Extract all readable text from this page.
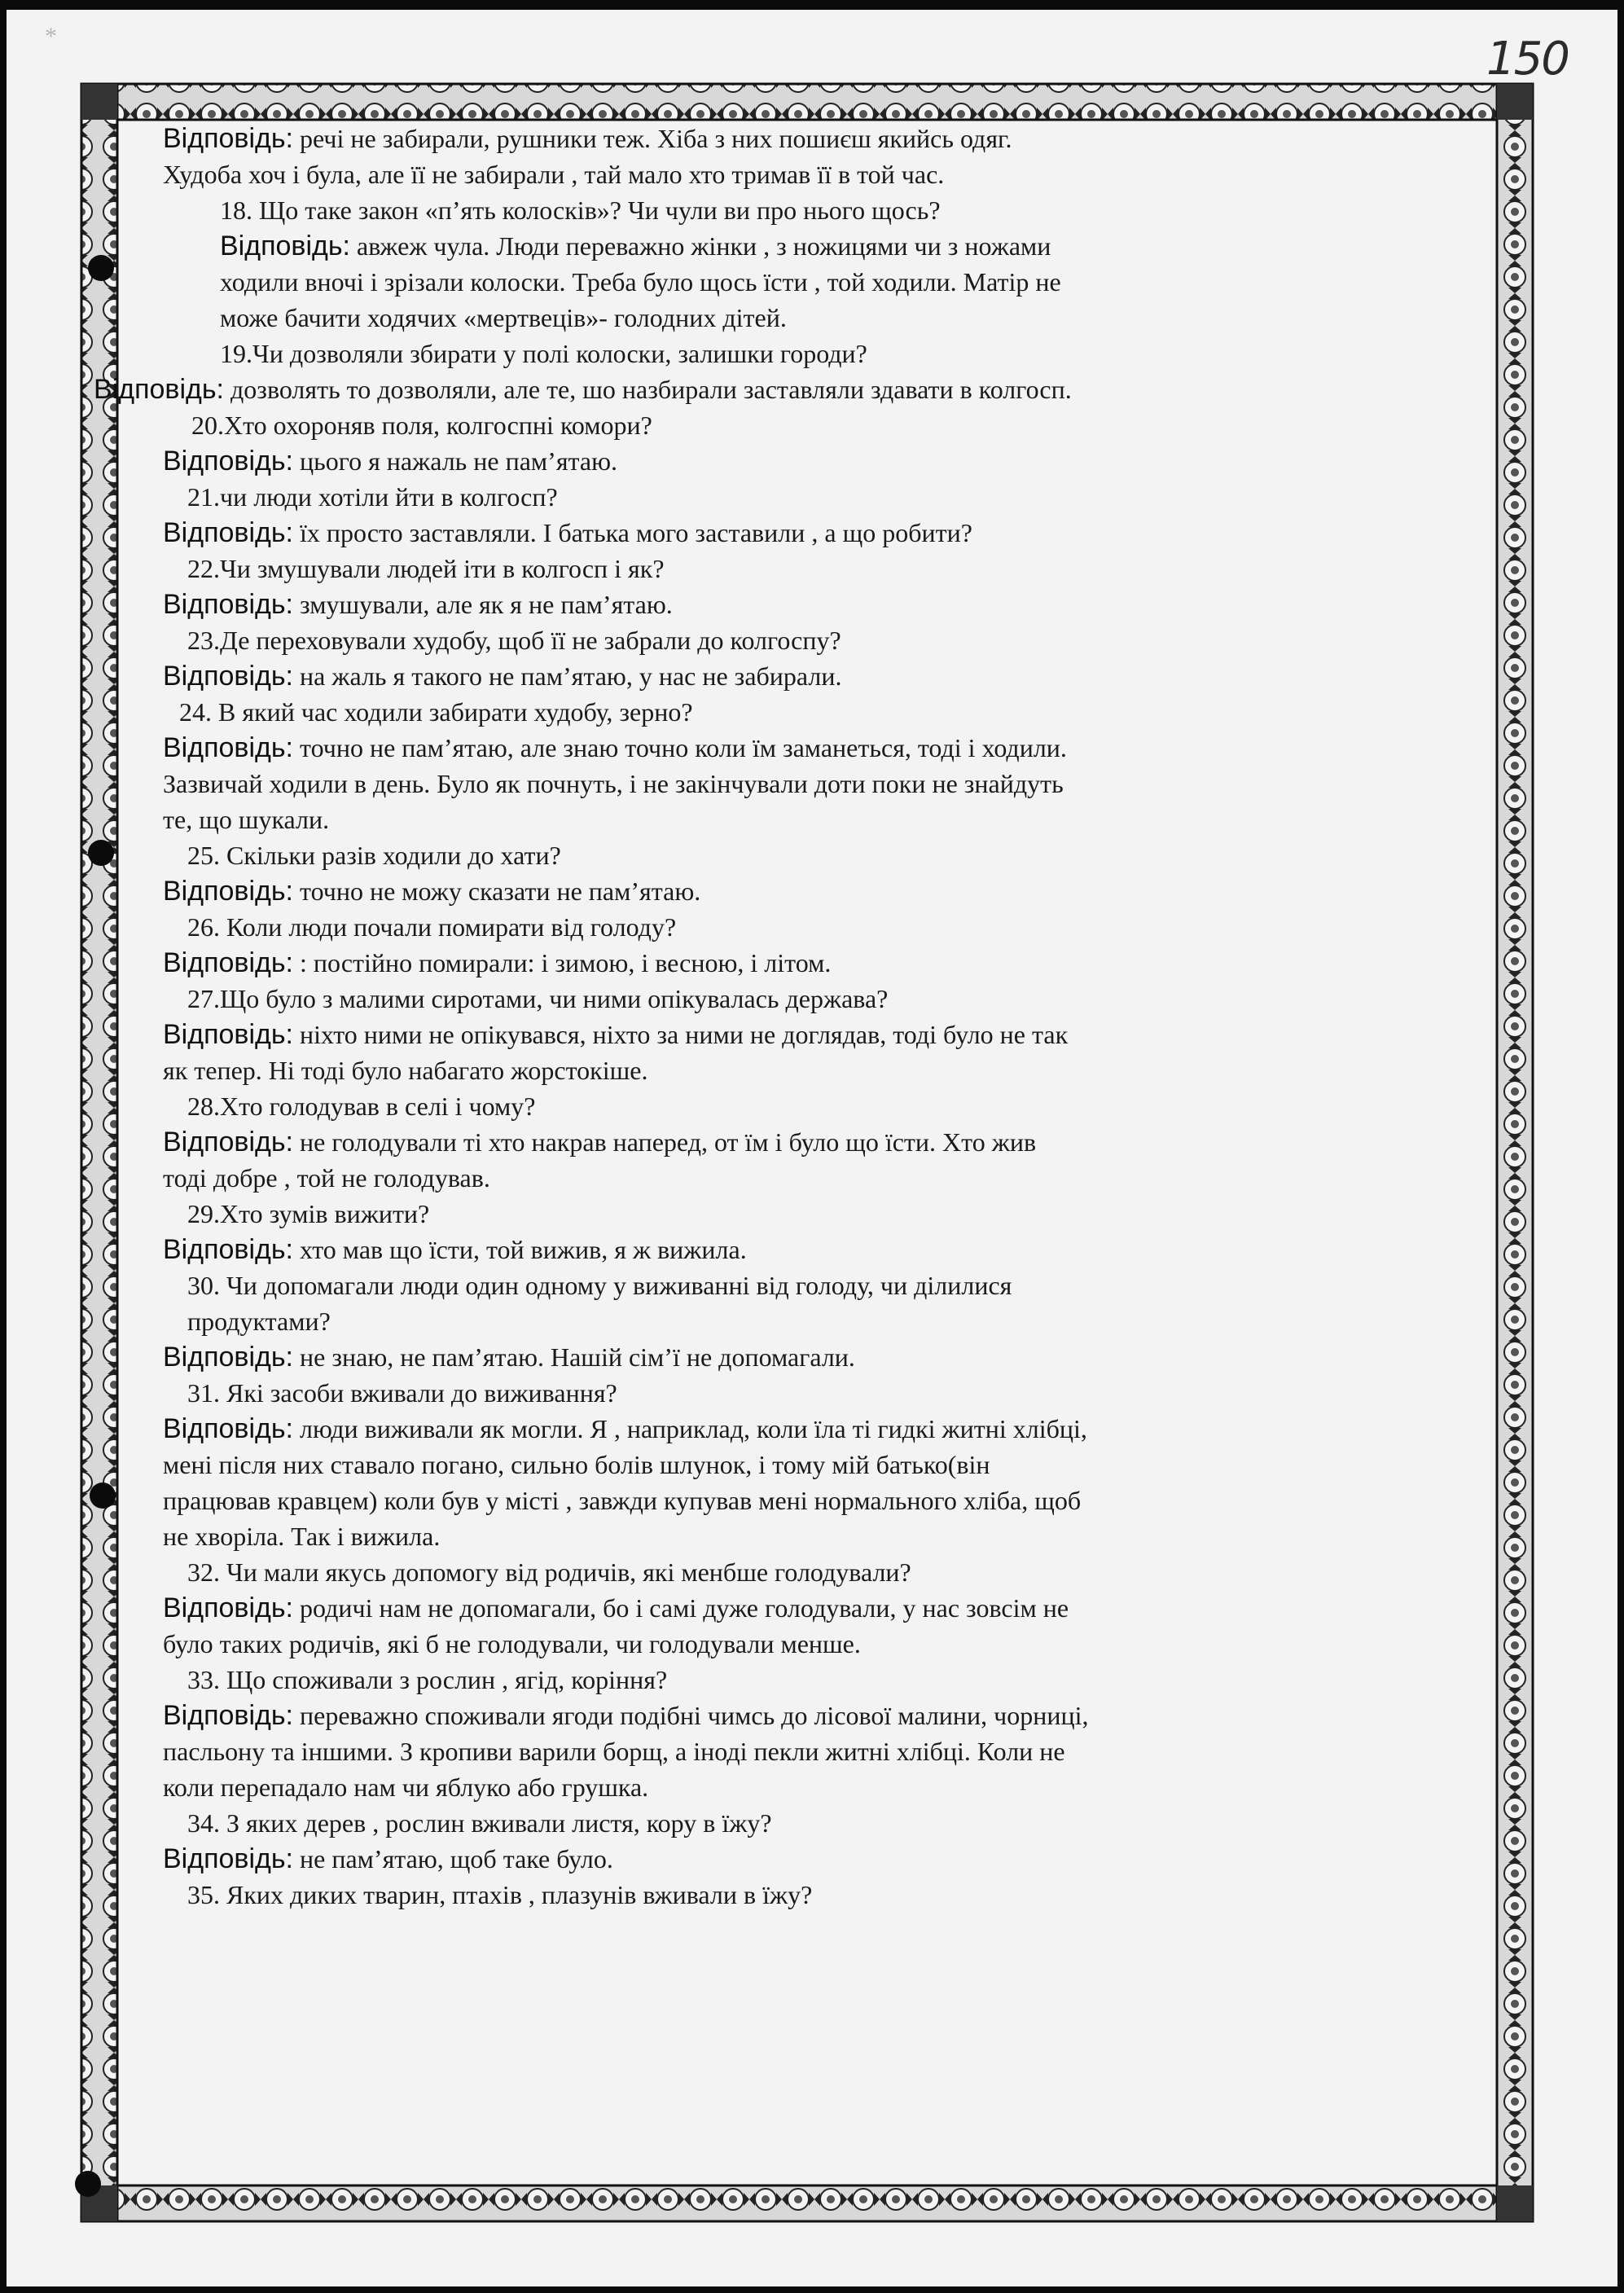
*	150
Відповідь: речі не забирали, рушники теж. Хіба з них пошиєш якийсь одяг.
Худоба хоч і була, але її не забирали , тай мало хто тримав її в той час.
18. Що таке закон «п’ять колосків»? Чи чули ви про нього щось?
Відповідь: авжеж чула. Люди переважно жінки , з ножицями чи з ножами
ходили вночі і зрізали колоски. Треба було щось їсти , той ходили. Матір не
може бачити ходячих «мертвеців»- голодних дітей.
19.Чи дозволяли збирати у полі колоски, залишки городи?
Відповідь: дозволять то дозволяли, але те, шо назбирали заставляли здавати в колгосп.
20.Хто охороняв поля, колгоспні комори?
Відповідь: цього я нажаль не пам’ятаю.
21.чи люди хотіли йти в колгосп?
Відповідь: їх просто заставляли. І батька мого заставили , а що робити?
22.Чи змушували людей іти в колгосп і як?
Відповідь: змушували, але як я не пам’ятаю.
23.Де переховували худобу, щоб її не забрали до колгоспу?
Відповідь: на жаль я такого не пам’ятаю, у нас не забирали.
24. В який час ходили забирати худобу, зерно?
Відповідь: точно не пам’ятаю, але знаю точно коли їм заманеться, тоді і ходили.
Зазвичай ходили в день. Було як почнуть, і не закінчували доти поки не знайдуть
те, що шукали.
25. Скільки разів ходили до хати?
Відповідь: точно не можу сказати не пам’ятаю.
26. Коли люди почали помирати від голоду?
Відповідь: : постійно помирали: і зимою, і весною, і літом.
27.Що було з малими сиротами, чи ними опікувалась держава?
Відповідь: ніхто ними не опікувався, ніхто за ними не доглядав, тоді було не так
як тепер. Ні тоді було набагато жорстокіше.
28.Хто голодував в селі і чому?
Відповідь: не голодували ті хто накрав наперед, от їм і було що їсти. Хто жив
тоді добре , той не голодував.
29.Хто зумів вижити?
Відповідь: хто мав що їсти, той вижив, я ж вижила.
30. Чи допомагали люди один одному у виживанні від голоду, чи ділилися
продуктами?
Відповідь: не знаю, не пам’ятаю. Нашій сім’ї не допомагали.
31. Які засоби вживали до виживання?
Відповідь: люди виживали як могли. Я , наприклад, коли їла ті гидкі житні хлібці,
мені після них ставало погано, сильно болів шлунок, і тому мій батько(він
працював кравцем) коли був у місті , завжди купував мені нормального хліба, щоб
не хворіла. Так і вижила.
32. Чи мали якусь допомогу від родичів, які менбше голодували?
Відповідь: родичі нам не допомагали, бо і самі дуже голодували, у нас зовсім не
було таких родичів, які б не голодували, чи голодували менше.
33. Що споживали з рослин , ягід, коріння?
Відповідь: переважно споживали ягоди подібні чимсь до лісової малини, чорниці,
пасльону та іншими. З кропиви варили борщ, а іноді пекли житні хлібці. Коли не
коли перепадало нам чи яблуко або грушка.
34. З яких дерев , рослин вживали листя, кору в їжу?
Відповідь: не пам’ятаю, щоб таке було.
35. Яких диких тварин, птахів , плазунів вживали в їжу?
